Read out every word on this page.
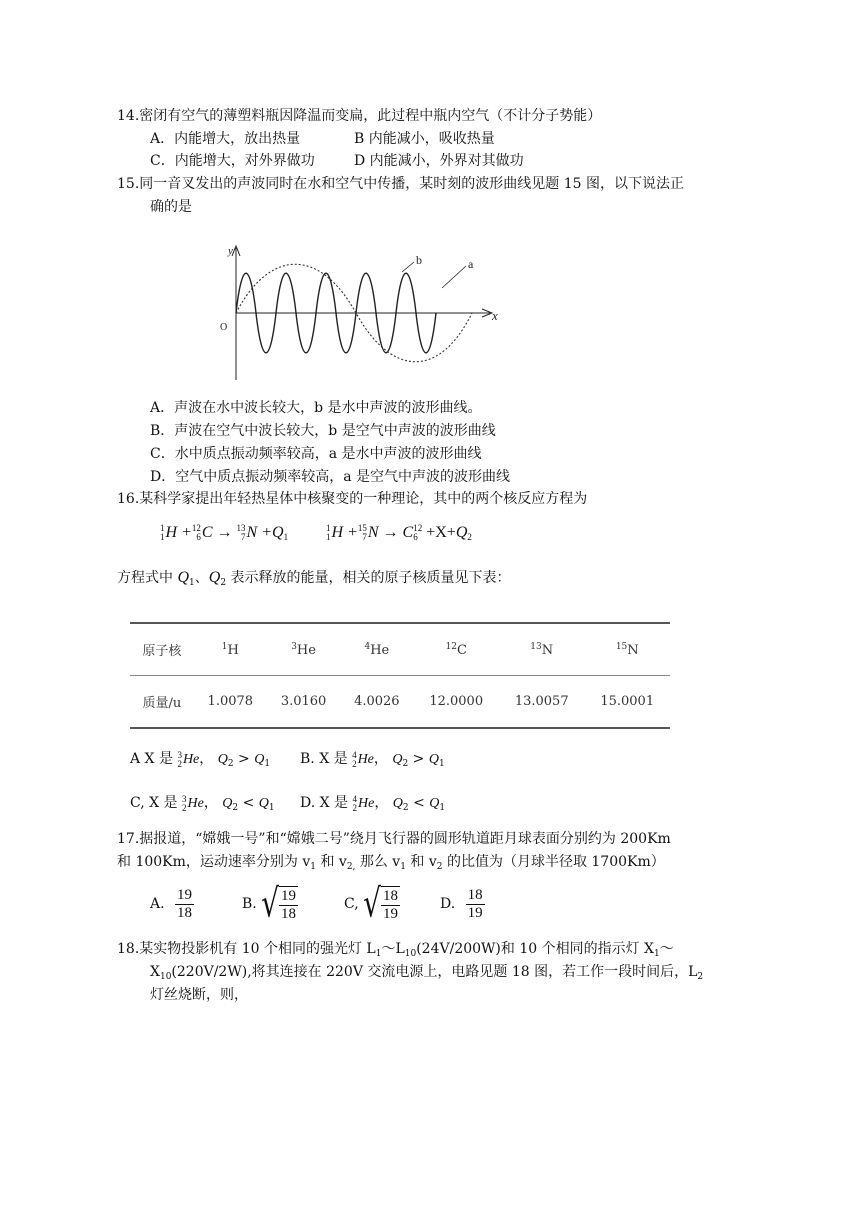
14.密闭有空气的薄塑料瓶因降温而变扁，此过程中瓶内空气（不计分子势能）
A．内能增大，放出热量	B 内能减小，吸收热量
C．内能增大，对外界做功	D 内能减小，外界对其做功
15.同一音叉发出的声波同时在水和空气中传播，某时刻的波形曲线见题 15 图，以下说法正
确的是
y
x
O
b	a
A．声波在水中波长较大，b 是水中声波的波形曲线。
B．声波在空气中波长较大，b 是空气中声波的波形曲线
C．水中质点振动频率较高，a 是水中声波的波形曲线
D．空气中质点振动频率较高，a 是空气中声波的波形曲线
16.某科学家提出年轻热星体中核聚变的一种理论，其中的两个核反应方程为
1
1 H + 12
6 C → 13
7 $N +Q_1$
1
1 H + 15
7 N → C 12
$6 +X+Q_2$
方程式中 $Q_1$、$Q_2$ 表示释放的能量，相关的原子核质量见下表：
原子核	$^1$H	$^3$He	$^4$He	$^{12}$C	$^{13}$N	$^{15}$N
质量/u	1.0078	3.0160	4.0026	12.0000	13.0057	15.0001
A X 是 3
2 He， $Q_2 > Q_1$ B. X 是 4
2 He， $Q_2 > Q_1$
C, X 是 3
2 He， $Q_2 < Q_1$ D. X 是 4
2 He， $Q_2 < Q_1$
17.据报道，“嫦娥一号”和“嫦娥二号”绕月飞行器的圆形轨道距月球表面分别约为 200Km
和 100Km，运动速率分别为 $v_1$ 和 $v_{2,}$ 那么 $v_1$ 和 $v_2$ 的比值为（月球半径取 1700Km）
A. $\frac{19}{18}$	B. √ $\frac{19}{18}$	C, √ $\frac{18}{19}$	D. $\frac{18}{19}$
18.某实物投影机有 10 个相同的强光灯 $L_1\sim L_{10}(24V/200W)$和 10 个相同的指示灯 $X_1\sim$
$X_{10}(220V/2W)$,将其连接在 220V 交流电源上，电路见题 18 图，若工作一段时间后，$L_2$
灯丝烧断，则，
